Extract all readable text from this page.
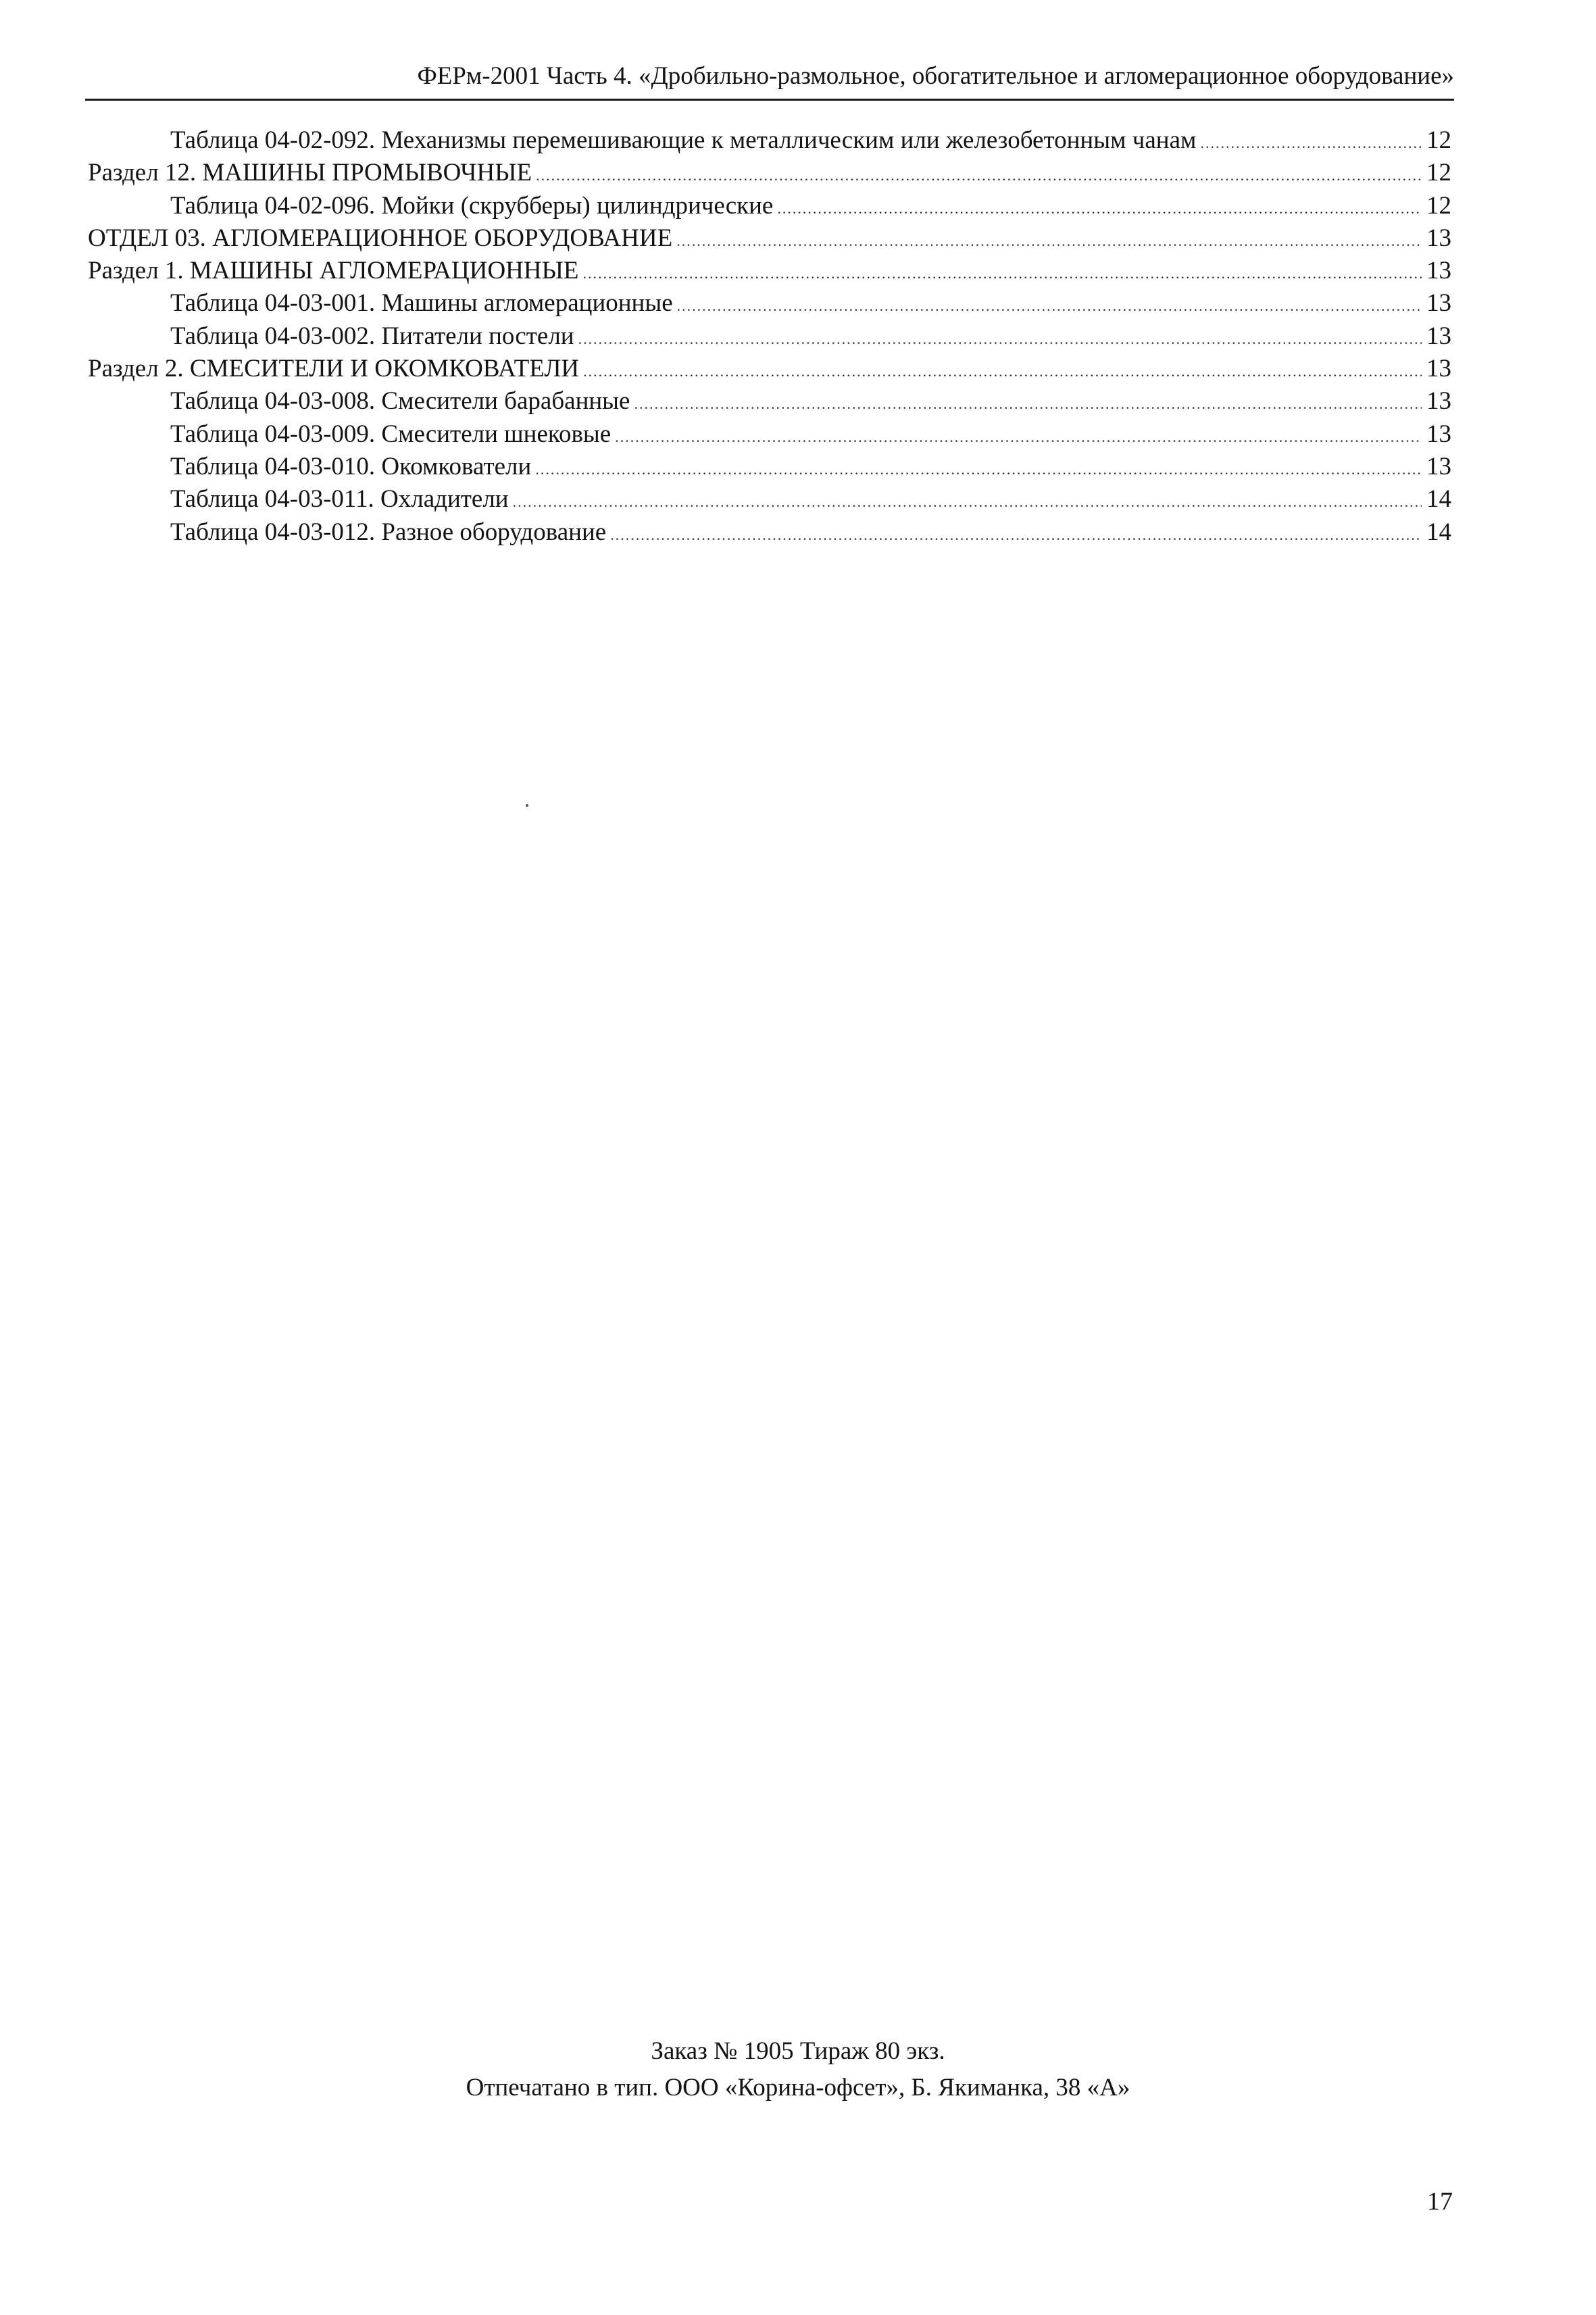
ФЕРм-2001 Часть 4. «Дробильно-размольное, обогатительное и агломерационное оборудование»
Таблица 04-02-092. Механизмы перемешивающие к металлическим или железобетонным чанам .....	12
Раздел 12. МАШИНЫ ПРОМЫВОЧНЫЕ .....	12
Таблица 04-02-096. Мойки (скрубберы) цилиндрические .....	12
ОТДЕЛ 03. АГЛОМЕРАЦИОННОЕ ОБОРУДОВАНИЕ .....	13
Раздел 1. МАШИНЫ АГЛОМЕРАЦИОННЫЕ .....	13
Таблица 04-03-001. Машины агломерационные .....	13
Таблица 04-03-002. Питатели постели .....	13
Раздел 2. СМЕСИТЕЛИ И ОКОМКОВАТЕЛИ .....	13
Таблица 04-03-008. Смесители барабанные .....	13
Таблица 04-03-009. Смесители шнековые .....	13
Таблица 04-03-010. Окомкователи .....	13
Таблица 04-03-011. Охладители .....	14
Таблица 04-03-012. Разное оборудование .....	14
Заказ № 1905 Тираж 80 экз.
Отпечатано в тип. ООО «Корина-офсет», Б. Якиманка, 38 «А»
17
